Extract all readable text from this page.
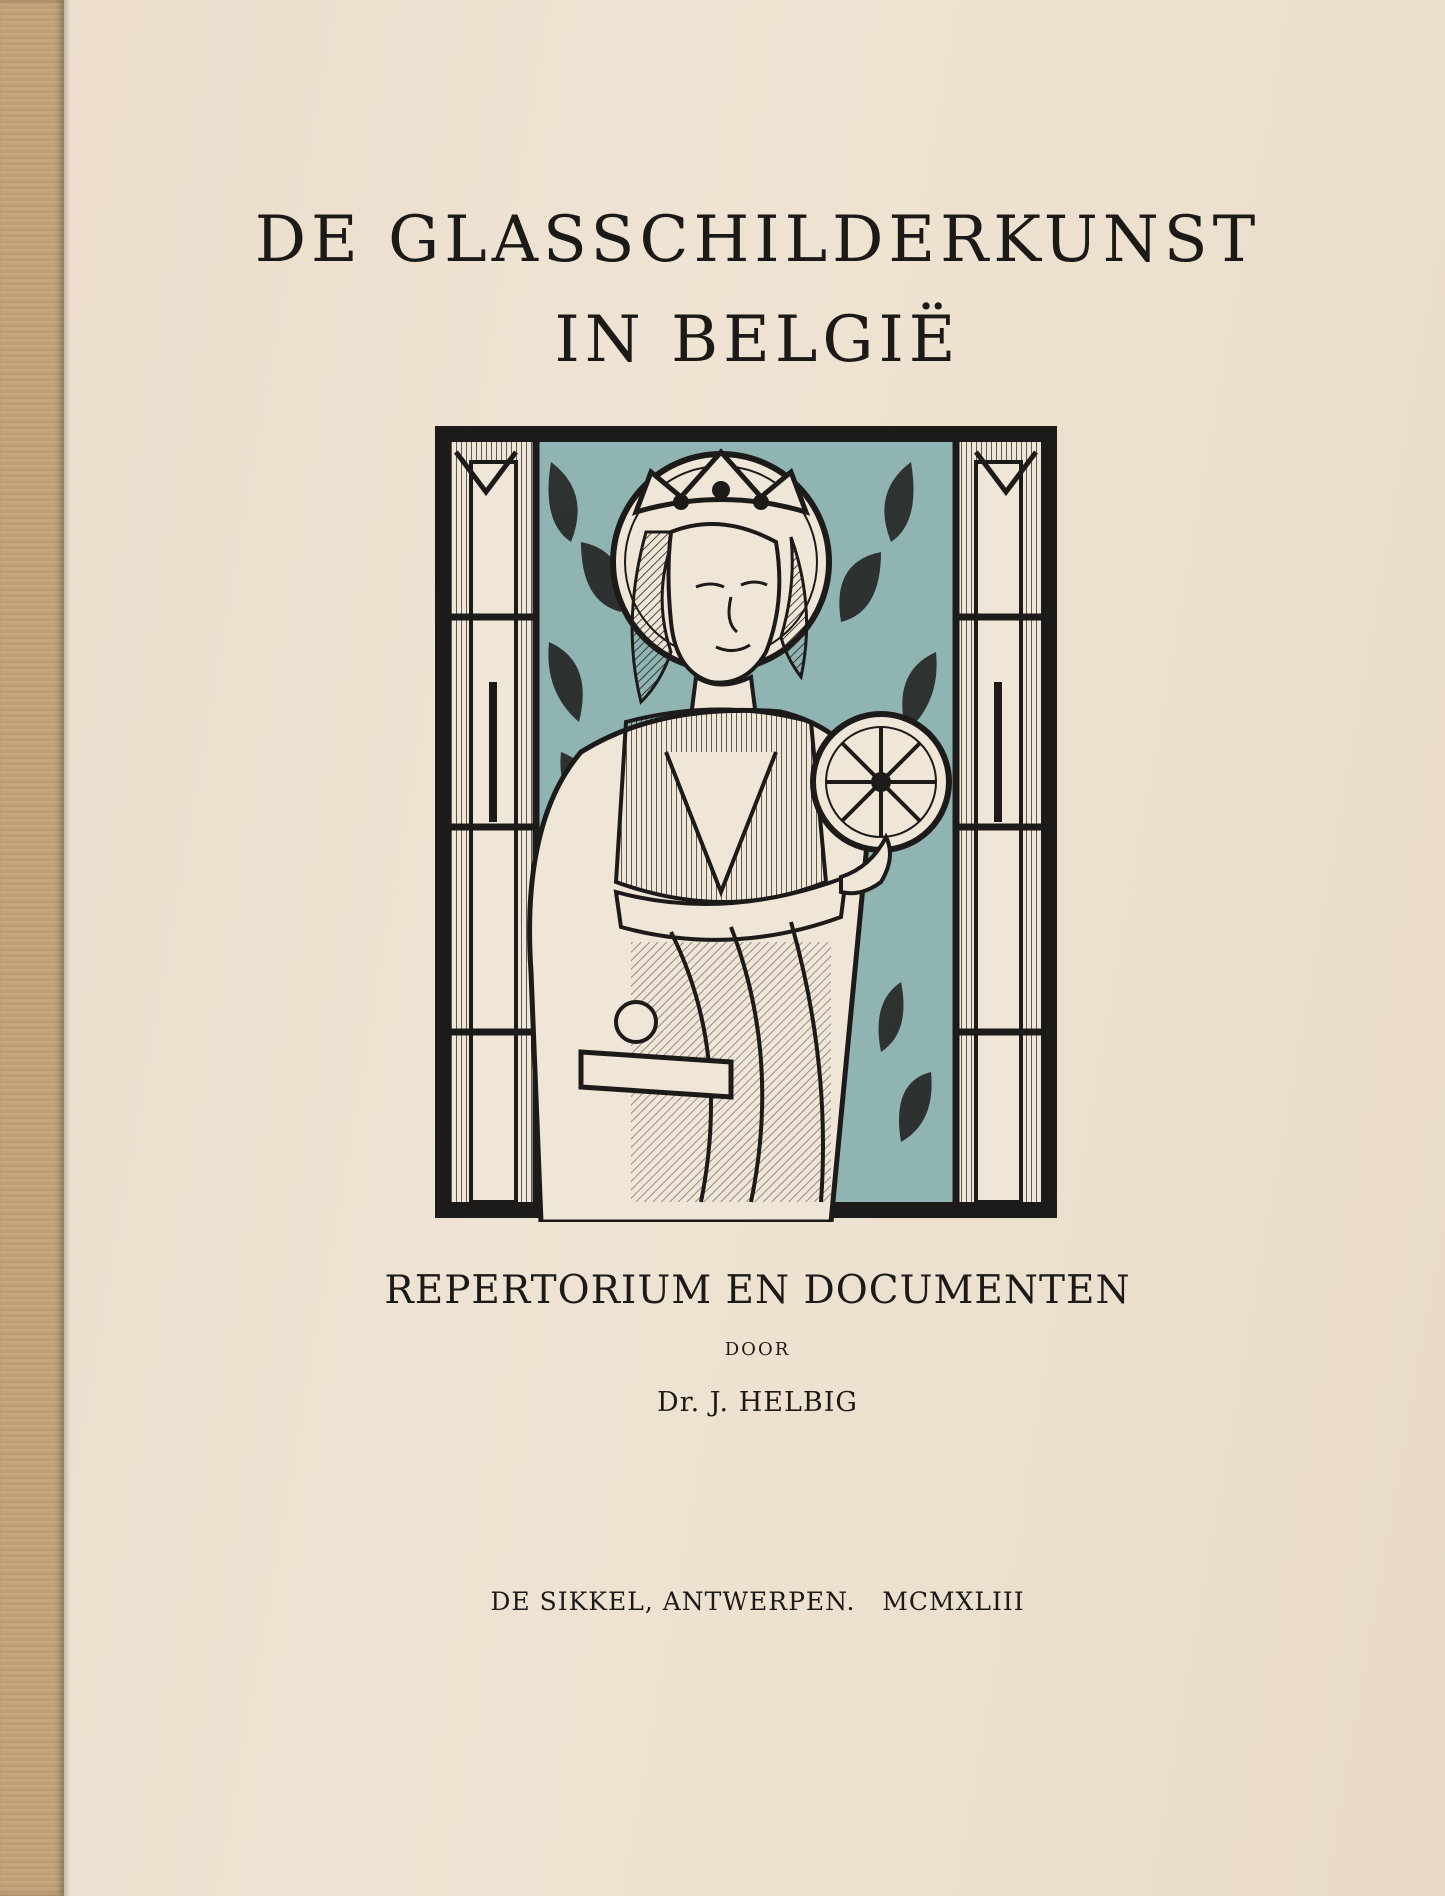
DE GLASSCHILDERKUNST
IN BELGIË
REPERTORIUM EN DOCUMENTEN
DOOR
Dr. J. HELBIG
DE SIKKEL, ANTWERPEN.   MCMXLIII
